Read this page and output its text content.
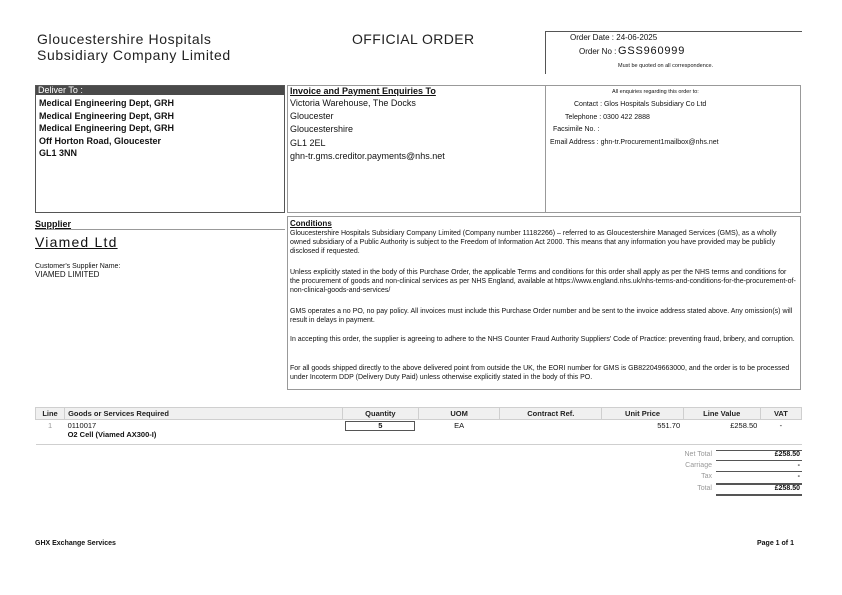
Gloucestershire Hospitals
Subsidiary Company Limited
OFFICIAL ORDER	Order Date : 24-06-2025
Order No : GSS960999
Must be quoted on all correspondence.
Deliver To :
Medical Engineering Dept, GRH
Medical Engineering Dept, GRH
Medical Engineering Dept, GRH
Off Horton Road, Gloucester
GL1 3NN
Invoice and Payment Enquiries To
Victoria Warehouse, The Docks
Gloucester
Gloucestershire
GL1 2EL
ghn-tr.gms.creditor.payments@nhs.net
All enquiries regarding this order to:
Contact : Glos Hospitals Subsidiary Co Ltd
Telephone : 0300 422 2888
Facsimile No. :
Email Address : ghn-tr.Procurement1mailbox@nhs.net
Supplier
Viamed Ltd
Customer's Supplier Name:
VIAMED LIMITED
Conditions
Gloucestershire Hospitals Subsidiary Company Limited (Company number 11182266) – referred to as Gloucestershire Managed Services (GMS), as a wholly owned subsidiary of a Public Authority is subject to the Freedom of Information Act 2000. This means that any information you have provided may be publicly disclosed if requested.
Unless explicitly stated in the body of this Purchase Order, the applicable Terms and conditions for this order shall apply as per the NHS terms and conditions for the procurement of goods and non-clinical services as per NHS England, available at https://www.england.nhs.uk/nhs-terms-and-conditions-for-the-procurement-of-non-clinical-goods-and-services/
GMS operates a no PO, no pay policy. All invoices must include this Purchase Order number and be sent to the invoice address stated above. Any omission(s) will result in delays in payment.
In accepting this order, the supplier is agreeing to adhere to the NHS Counter Fraud Authority Suppliers' Code of Practice: preventing fraud, bribery, and corruption.
For all goods shipped directly to the above delivered point from outside the UK, the EORI number for GMS is GB822049663000, and the order is to be processed under Incoterm DDP (Delivery Duty Paid) unless otherwise explicitly stated in the body of this PO.
Line	Goods or Services Required	Quantity	UOM	Contract Ref.	Unit Price	Line Value	VAT
1	0110017
O2 Cell (Viamed AX300-I)	5	EA		551.70	£258.50	-
Net Total	£258.50
Carriage	-
Tax	-
Total	£258.50
GHX Exchange Services	Page 1 of 1
